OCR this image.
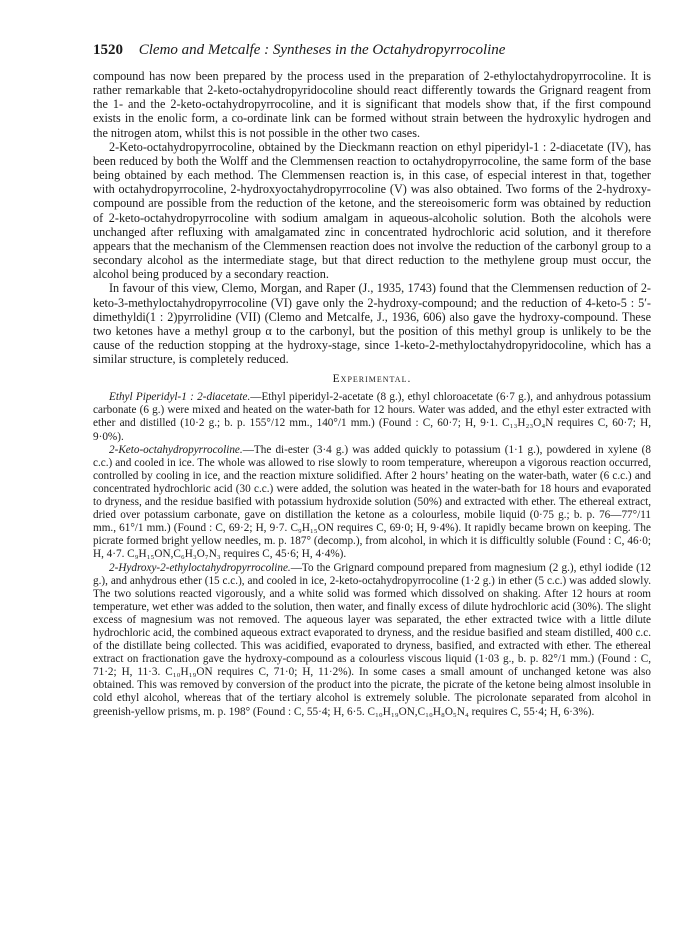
1520 Clemo and Metcalfe : Syntheses in the Octahydropyrrocoline

compound has now been prepared by the process used in the preparation of 2-ethyloctahydropyrrocoline. It is rather remarkable that 2-keto-octahydropyridocoline should react differently towards the Grignard reagent from the 1- and the 2-keto-octahydropyrrocoline, and it is significant that models show that, if the first compound exists in the enolic form, a co-ordinate link can be formed without strain between the hydroxylic hydrogen and the nitrogen atom, whilst this is not possible in the other two cases.

2-Keto-octahydropyrrocoline, obtained by the Dieckmann reaction on ethyl piperidyl-1 : 2-diacetate (IV), has been reduced by both the Wolff and the Clemmensen reaction to octahydropyrrocoline, the same form of the base being obtained by each method. The Clemmensen reaction is, in this case, of especial interest in that, together with octahydropyrrocoline, 2-hydroxyoctahydropyrrocoline (V) was also obtained. Two forms of the 2-hydroxy-compound are possible from the reduction of the ketone, and the stereoisomeric form was obtained by reduction of 2-keto-octahydropyrrocoline with sodium amalgam in aqueous-alcoholic solution. Both the alcohols were unchanged after refluxing with amalgamated zinc in concentrated hydrochloric acid solution, and it therefore appears that the mechanism of the Clemmensen reaction does not involve the reduction of the carbonyl group to a secondary alcohol as the intermediate stage, but that direct reduction to the methylene group must occur, the alcohol being produced by a secondary reaction.

In favour of this view, Clemo, Morgan, and Raper (J., 1935, 1743) found that the Clemmensen reduction of 2-keto-3-methyloctahydropyrrocoline (VI) gave only the 2-hydroxy-compound; and the reduction of 4-keto-5 : 5′-dimethyldi(1 : 2)pyrrolidine (VII) (Clemo and Metcalfe, J., 1936, 606) also gave the hydroxy-compound. These two ketones have a methyl group α to the carbonyl, but the position of this methyl group is unlikely to be the cause of the reduction stopping at the hydroxy-stage, since 1-keto-2-methyloctahydropyridocoline, which has a similar structure, is completely reduced.

Experimental.

Ethyl Piperidyl-1 : 2-diacetate.—Ethyl piperidyl-2-acetate (8 g.), ethyl chloroacetate (6·7 g.), and anhydrous potassium carbonate (6 g.) were mixed and heated on the water-bath for 12 hours. Water was added, and the ethyl ester extracted with ether and distilled (10·2 g.; b. p. 155°/12 mm., 140°/1 mm.) (Found : C, 60·7; H, 9·1. C₁₃H₂₃O₄N requires C, 60·7; H, 9·0%).

2-Keto-octahydropyrrocoline.—The di-ester (3·4 g.) was added quickly to potassium (1·1 g.), powdered in xylene (8 c.c.) and cooled in ice. The whole was allowed to rise slowly to room temperature, whereupon a vigorous reaction occurred, controlled by cooling in ice, and the reaction mixture solidified. After 2 hours’ heating on the water-bath, water (6 c.c.) and concentrated hydrochloric acid (30 c.c.) were added, the solution was heated in the water-bath for 18 hours and evaporated to dryness, and the residue basified with potassium hydroxide solution (50%) and extracted with ether. The ethereal extract, dried over potassium carbonate, gave on distillation the ketone as a colourless, mobile liquid (0·75 g.; b. p. 76—77°/11 mm., 61°/1 mm.) (Found : C, 69·2; H, 9·7. C₉H₁₅ON requires C, 69·0; H, 9·4%). It rapidly became brown on keeping. The picrate formed bright yellow needles, m. p. 187° (decomp.), from alcohol, in which it is difficultly soluble (Found : C, 46·0; H, 4·7. C₉H₁₅ON,C₆H₃O₇N₃ requires C, 45·6; H, 4·4%).

2-Hydroxy-2-ethyloctahydropyrrocoline.—To the Grignard compound prepared from magnesium (2 g.), ethyl iodide (12 g.), and anhydrous ether (15 c.c.), and cooled in ice, 2-keto-octahydropyrrocoline (1·2 g.) in ether (5 c.c.) was added slowly. The two solutions reacted vigorously, and a white solid was formed which dissolved on shaking. After 12 hours at room temperature, wet ether was added to the solution, then water, and finally excess of dilute hydrochloric acid (30%). The slight excess of magnesium was not removed. The aqueous layer was separated, the ether extracted twice with a little dilute hydrochloric acid, the combined aqueous extract evaporated to dryness, and the residue basified and steam distilled, 400 c.c. of the distillate being collected. This was acidified, evaporated to dryness, basified, and extracted with ether. The ethereal extract on fractionation gave the hydroxy-compound as a colourless viscous liquid (1·03 g., b. p. 82°/1 mm.) (Found : C, 71·2; H, 11·3. C₁₀H₁₉ON requires C, 71·0; H, 11·2%). In some cases a small amount of unchanged ketone was also obtained. This was removed by conversion of the product into the picrate, the picrate of the ketone being almost insoluble in cold ethyl alcohol, whereas that of the tertiary alcohol is extremely soluble. The picrolonate separated from alcohol in greenish-yellow prisms, m. p. 198° (Found : C, 55·4; H, 6·5. C₁₀H₁₉ON,C₁₀H₈O₅N₄ requires C, 55·4; H, 6·3%).
